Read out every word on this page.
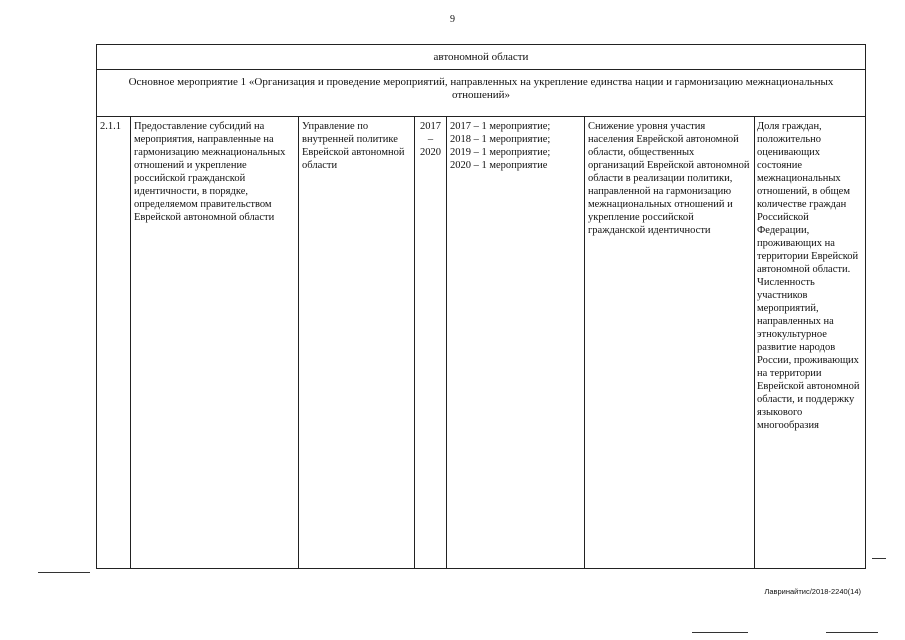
9
автономной области
Основное мероприятие 1 «Организация и проведение мероприятий, направленных на укрепление единства нации и гармонизацию межнациональных отношений»
2.1.1	Предоставление субсидий на мероприятия, направленные на гармонизацию межнациональных отношений и укрепление российской гражданской идентичности, в порядке, определяемом правительством Еврейской автономной области
Управление по внутренней политике Еврейской автономной области
2017
–
2020
2017 – 1 мероприятие;
2018 – 1 мероприятие;
2019 – 1 мероприятие;
2020 – 1 мероприятие
Снижение уровня участия населения Еврейской автономной области, общественных организаций Еврейской автономной области в реализации политики, направленной на гармонизацию межнациональных отношений и укрепление российской гражданской идентичности
Доля граждан, положительно оценивающих состояние межнациональных отношений, в общем количестве граждан Российской Федерации, проживающих на территории Еврейской автономной области. Численность участников мероприятий, направленных на этнокультурное развитие народов России, проживающих на территории Еврейской автономной области, и поддержку языкового многообразия
Лавринайтис/2018-2240(14)
